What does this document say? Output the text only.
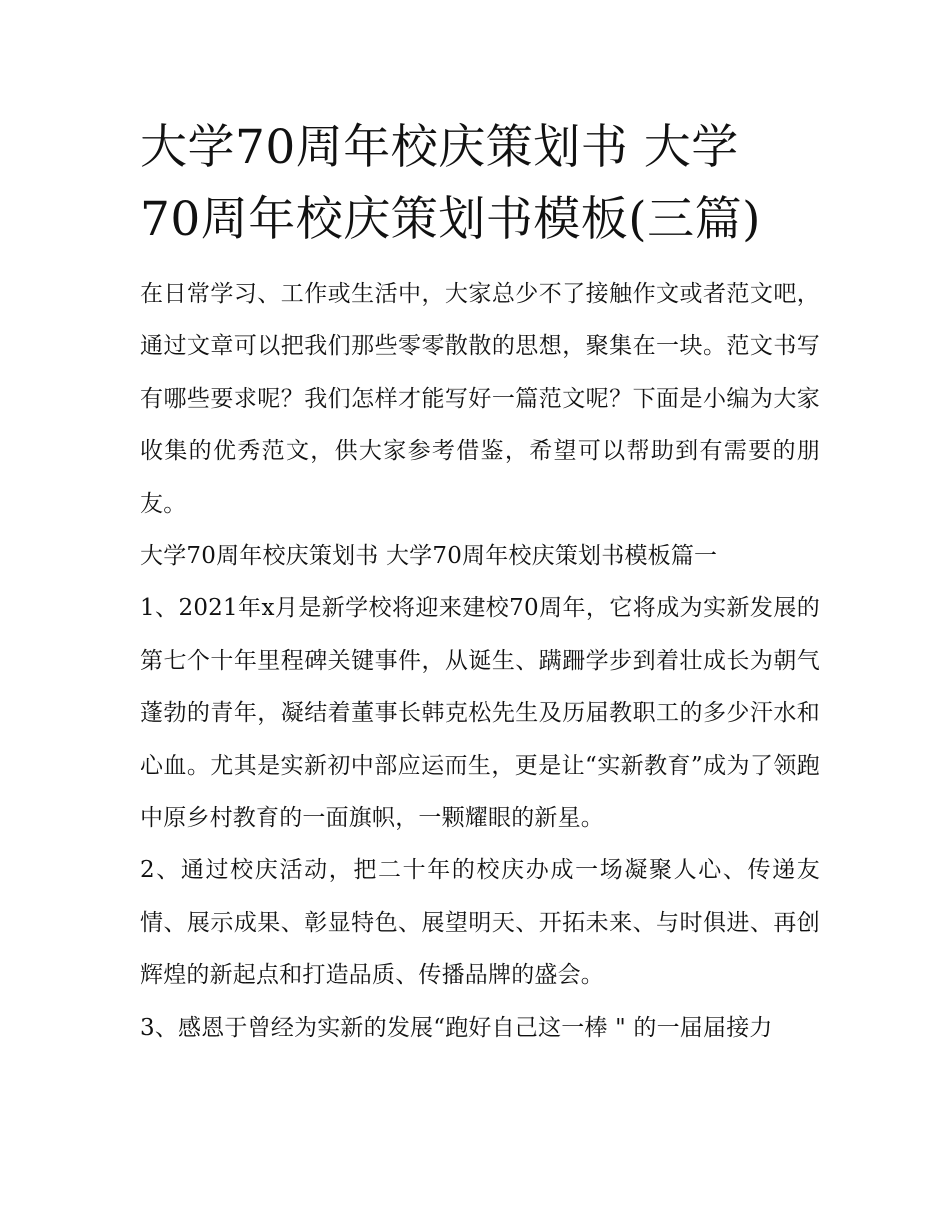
大学70周年校庆策划书 大学
70周年校庆策划书模板(三篇)

在日常学习、工作或生活中，大家总少不了接触作文或者范文吧，通过文章可以把我们那些零零散散的思想，聚集在一块。范文书写有哪些要求呢？我们怎样才能写好一篇范文呢？下面是小编为大家收集的优秀范文，供大家参考借鉴，希望可以帮助到有需要的朋友。

大学70周年校庆策划书 大学70周年校庆策划书模板篇一

1、2021年x月是新学校将迎来建校70周年，它将成为实新发展的第七个十年里程碑关键事件，从诞生、蹒跚学步到着壮成长为朝气蓬勃的青年，凝结着董事长韩克松先生及历届教职工的多少汗水和心血。尤其是实新初中部应运而生，更是让“实新教育”成为了领跑中原乡村教育的一面旗帜，一颗耀眼的新星。

2、通过校庆活动，把二十年的校庆办成一场凝聚人心、传递友情、展示成果、彰显特色、展望明天、开拓未来、与时俱进、再创辉煌的新起点和打造品质、传播品牌的盛会。

3、感恩于曾经为实新的发展“跑好自己这一棒 " 的一届届接力
